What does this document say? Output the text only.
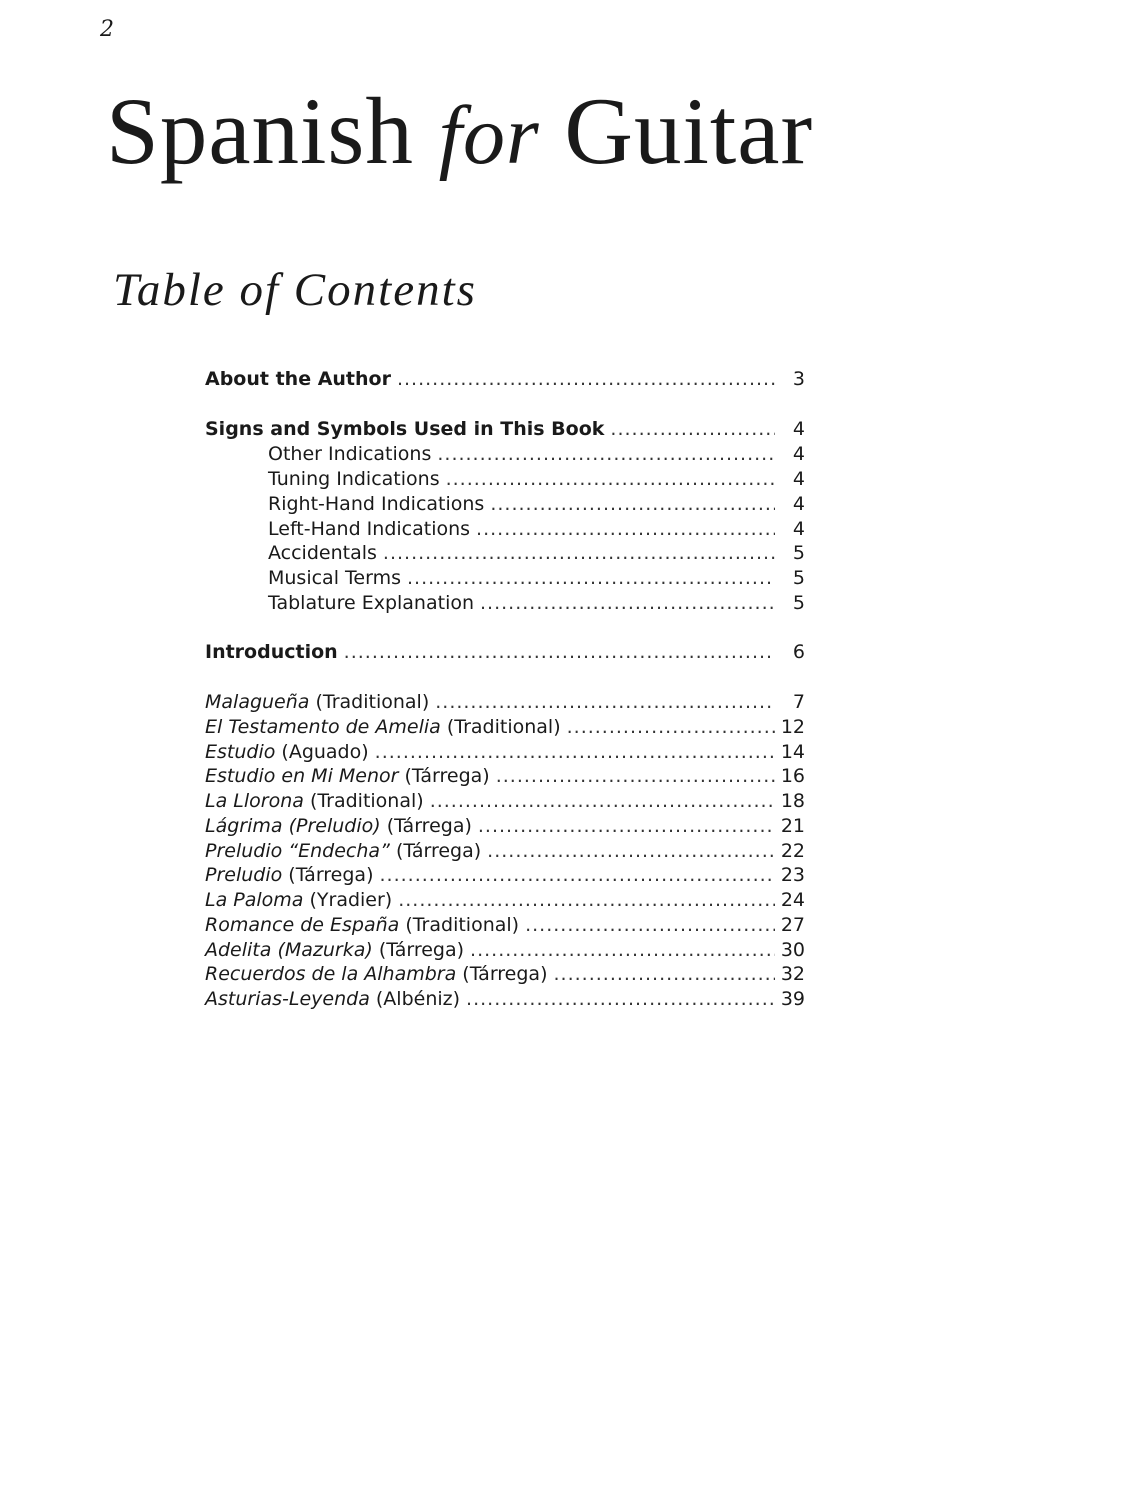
2
Spanish for Guitar
Table of Contents
About the Author .....	3
Signs and Symbols Used in This Book .....	4
Other Indications .....	4
Tuning Indications .....	4
Right-Hand Indications .....	4
Left-Hand Indications .....	4
Accidentals .....	5
Musical Terms .....	5
Tablature Explanation .....	5
Introduction .....	6
Malagueña (Traditional) .....	7
El Testamento de Amelia (Traditional) .....	12
Estudio (Aguado) .....	14
Estudio en Mi Menor (Tárrega) .....	16
La Llorona (Traditional) .....	18
Lágrima (Preludio) (Tárrega) .....	21
Preludio “Endecha” (Tárrega) .....	22
Preludio (Tárrega) .....	23
La Paloma (Yradier) .....	24
Romance de España (Traditional) .....	27
Adelita (Mazurka) (Tárrega) .....	30
Recuerdos de la Alhambra (Tárrega) .....	32
Asturias-Leyenda (Albéniz) .....	39
